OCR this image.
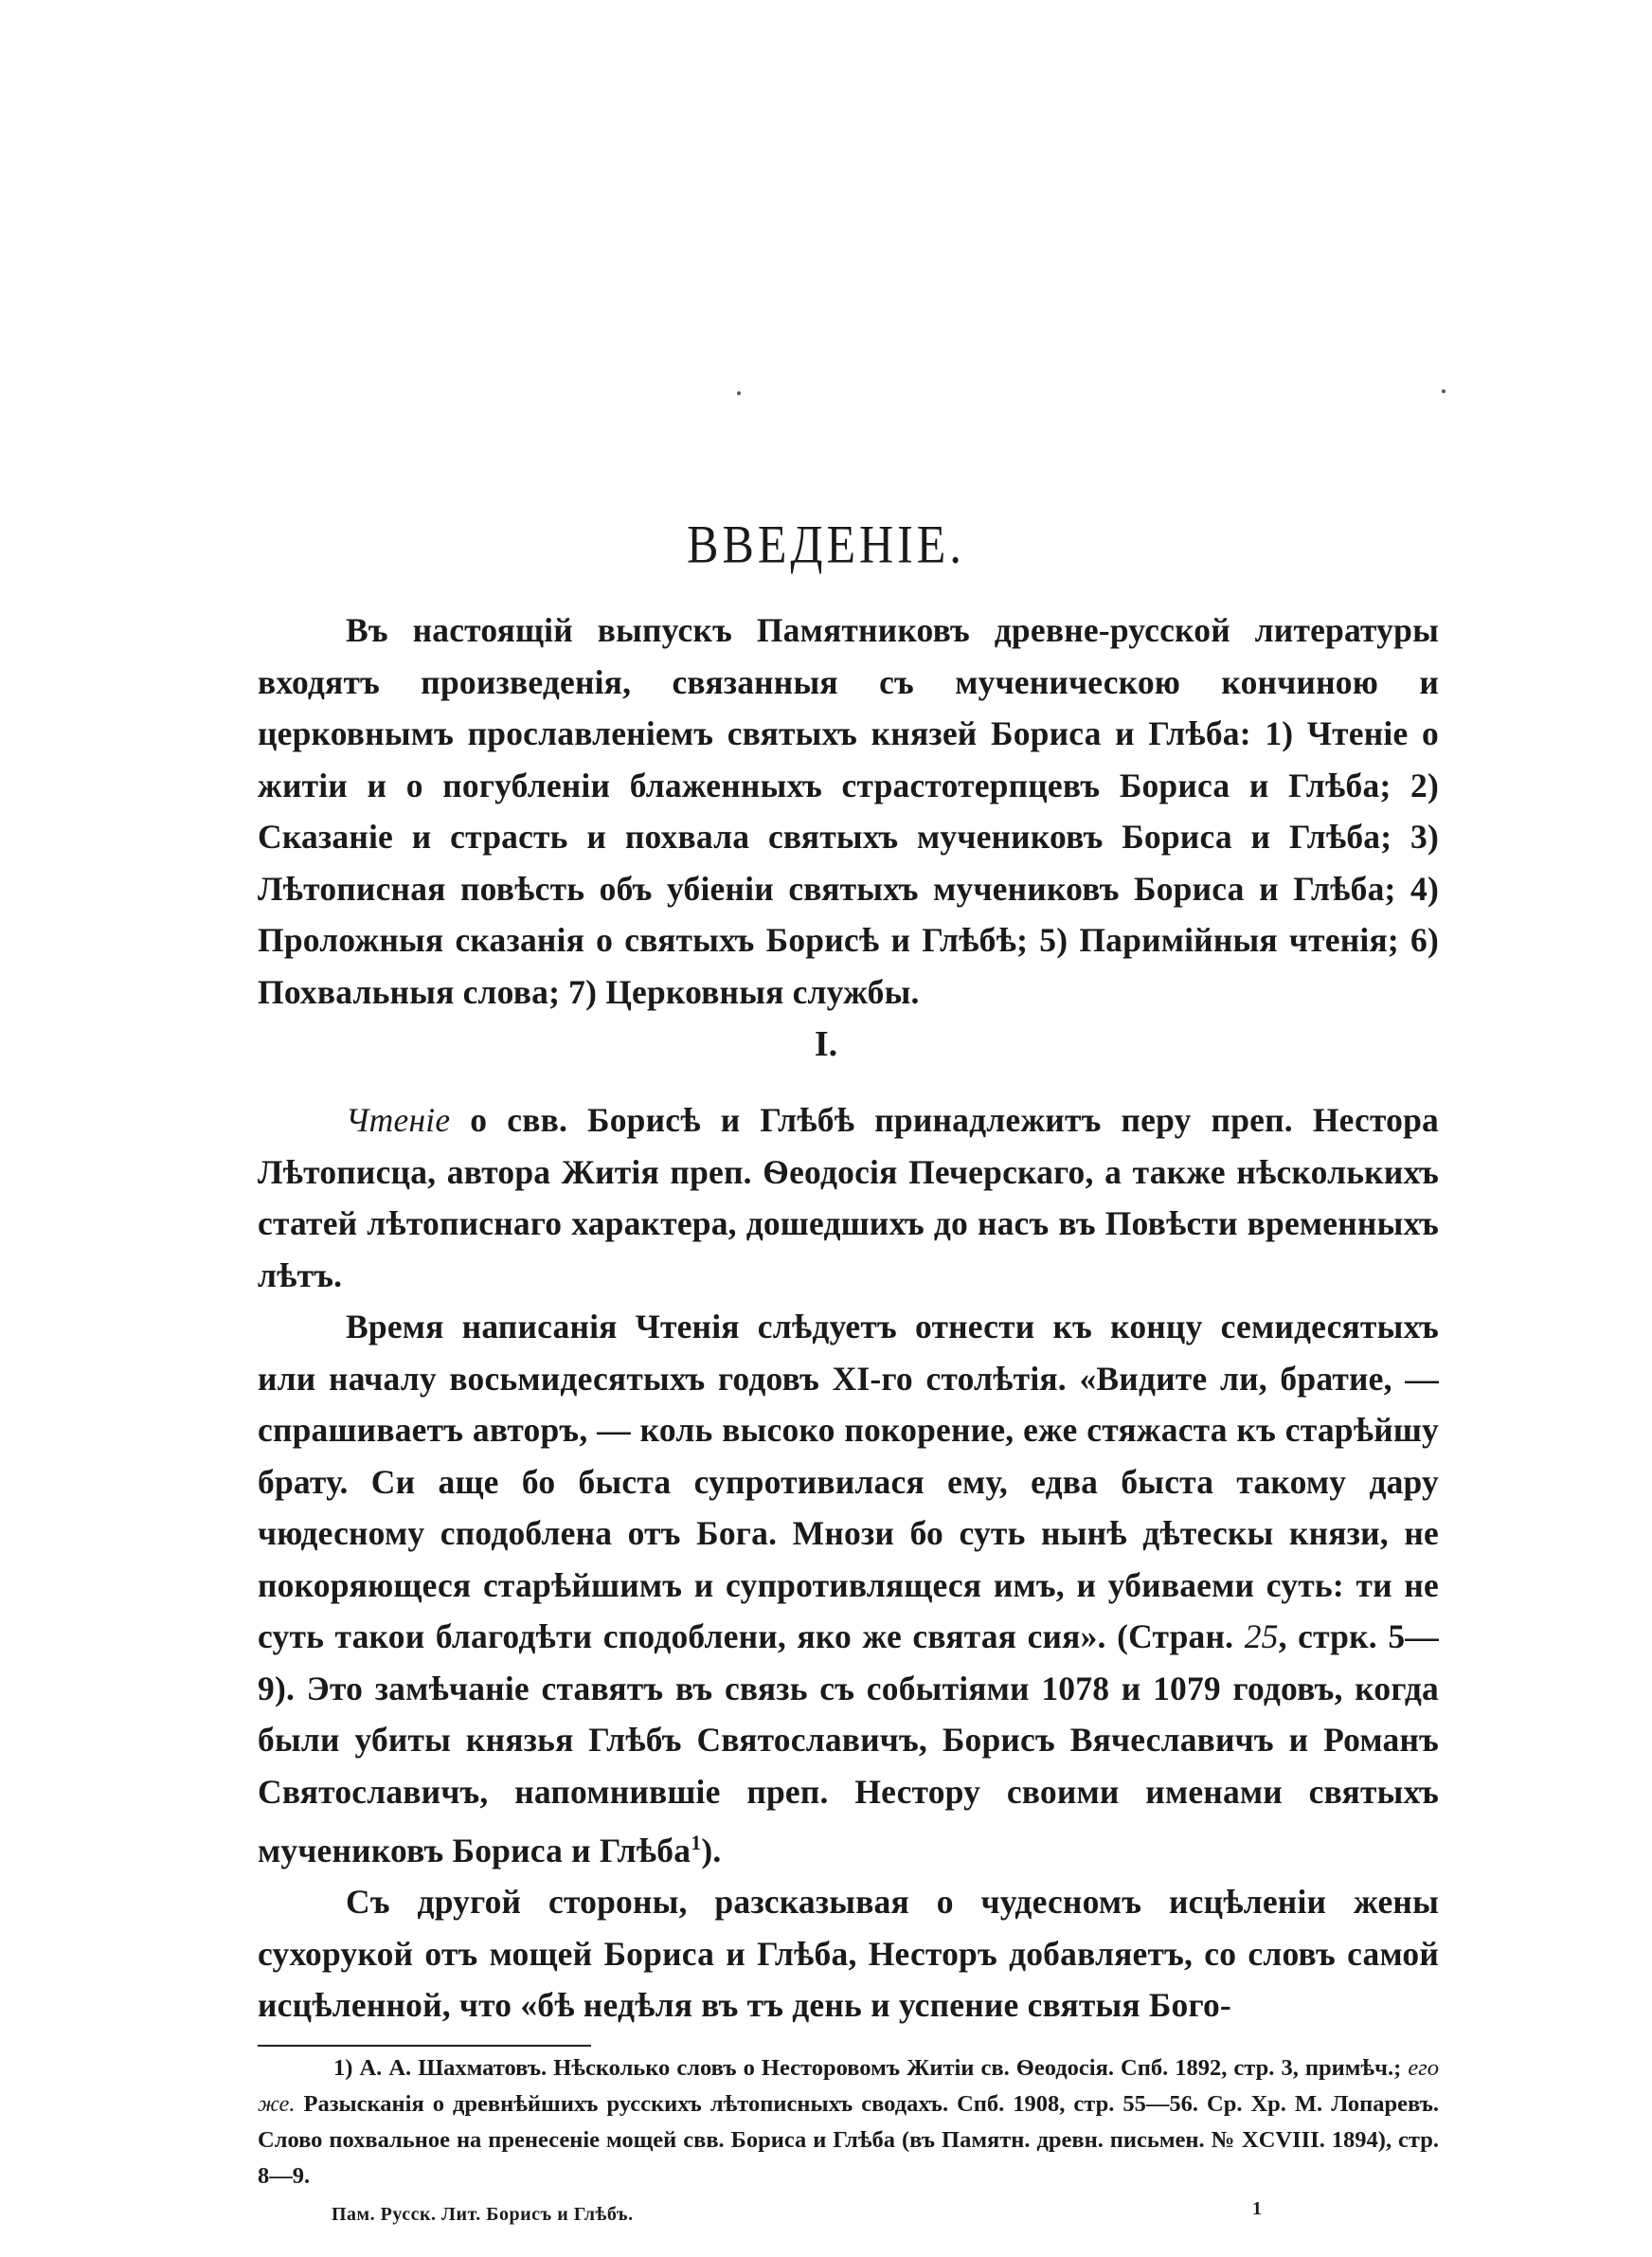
ВВЕДЕНIЕ.

Въ настоящiй выпускъ Памятниковъ древне-русской литературы входятъ произведенiя, связанныя съ мученическою кончиною и церковнымъ прославленiемъ святыхъ князей Бориса и Глѣба: 1) Чтенiе о житiи и о погубленiи блаженныхъ страстотерпцевъ Бориса и Глѣба; 2) Сказанiе и страсть и похвала святыхъ мучениковъ Бориса и Глѣба; 3) Лѣтописная повѣсть объ убiенiи святыхъ мучениковъ Бориса и Глѣба; 4) Проложныя сказанiя о святыхъ Борисѣ и Глѣбѣ; 5) Паримiйныя чтенiя; 6) Похвальныя слова; 7) Церковныя службы.

I.

Чтенiе о свв. Борисѣ и Глѣбѣ принадлежитъ перу преп. Нестора Лѣтописца, автора Житiя преп. Ѳеодосiя Печерскаго, а также нѣсколькихъ статей лѣтописнаго характера, дошедшихъ до насъ въ Повѣсти временныхъ лѣтъ.

Время написанiя Чтенiя слѣдуетъ отнести къ концу семидесятыхъ или началу восьмидесятыхъ годовъ XI-го столѣтiя. «Видите ли, братие, — спрашиваетъ авторъ, — коль высоко покорение, еже стяжаста къ старѣйшу брату. Си аще бо быста супротивилася ему, едва быста такому дару чюдесному сподоблена отъ Бога. Мнози бо суть нынѣ дѣтескы князи, не покоряющеся старѣйшимъ и супротивлящеся имъ, и убиваеми суть: ти не суть такои благодѣти сподоблени, яко же святая сия». (Стран. 25, стрк. 5—9). Это замѣчанiе ставятъ въ связь съ событiями 1078 и 1079 годовъ, когда были убиты князья Глѣбъ Святославичъ, Борисъ Вячеславичъ и Романъ Святославичъ, напомнившiе преп. Нестору своими именами святыхъ мучениковъ Бориса и Глѣба$^1$).

Съ другой стороны, разсказывая о чудесномъ исцѣленiи жены сухорукой отъ мощей Бориса и Глѣба, Несторъ добавляетъ, со словъ самой исцѣленной, что «бѣ недѣля въ тъ день и успение святыя Бого-

1) А. А. Шахматовъ. Нѣсколько словъ о Несторовомъ Житiи св. Ѳеодосiя. Спб. 1892, стр. 3, примѣч.; его же. Разысканiя о древнѣйшихъ русскихъ лѣтописныхъ сводахъ. Спб. 1908, стр. 55—56. Ср. Хр. М. Лопаревъ. Слово похвальное на пренесенiе мощей свв. Бориса и Глѣба (въ Памятн. древн. письмен. № XCVIII. 1894), стр. 8—9.

Пам. Русск. Лит. Борисъ и Глѣбъ.	1
